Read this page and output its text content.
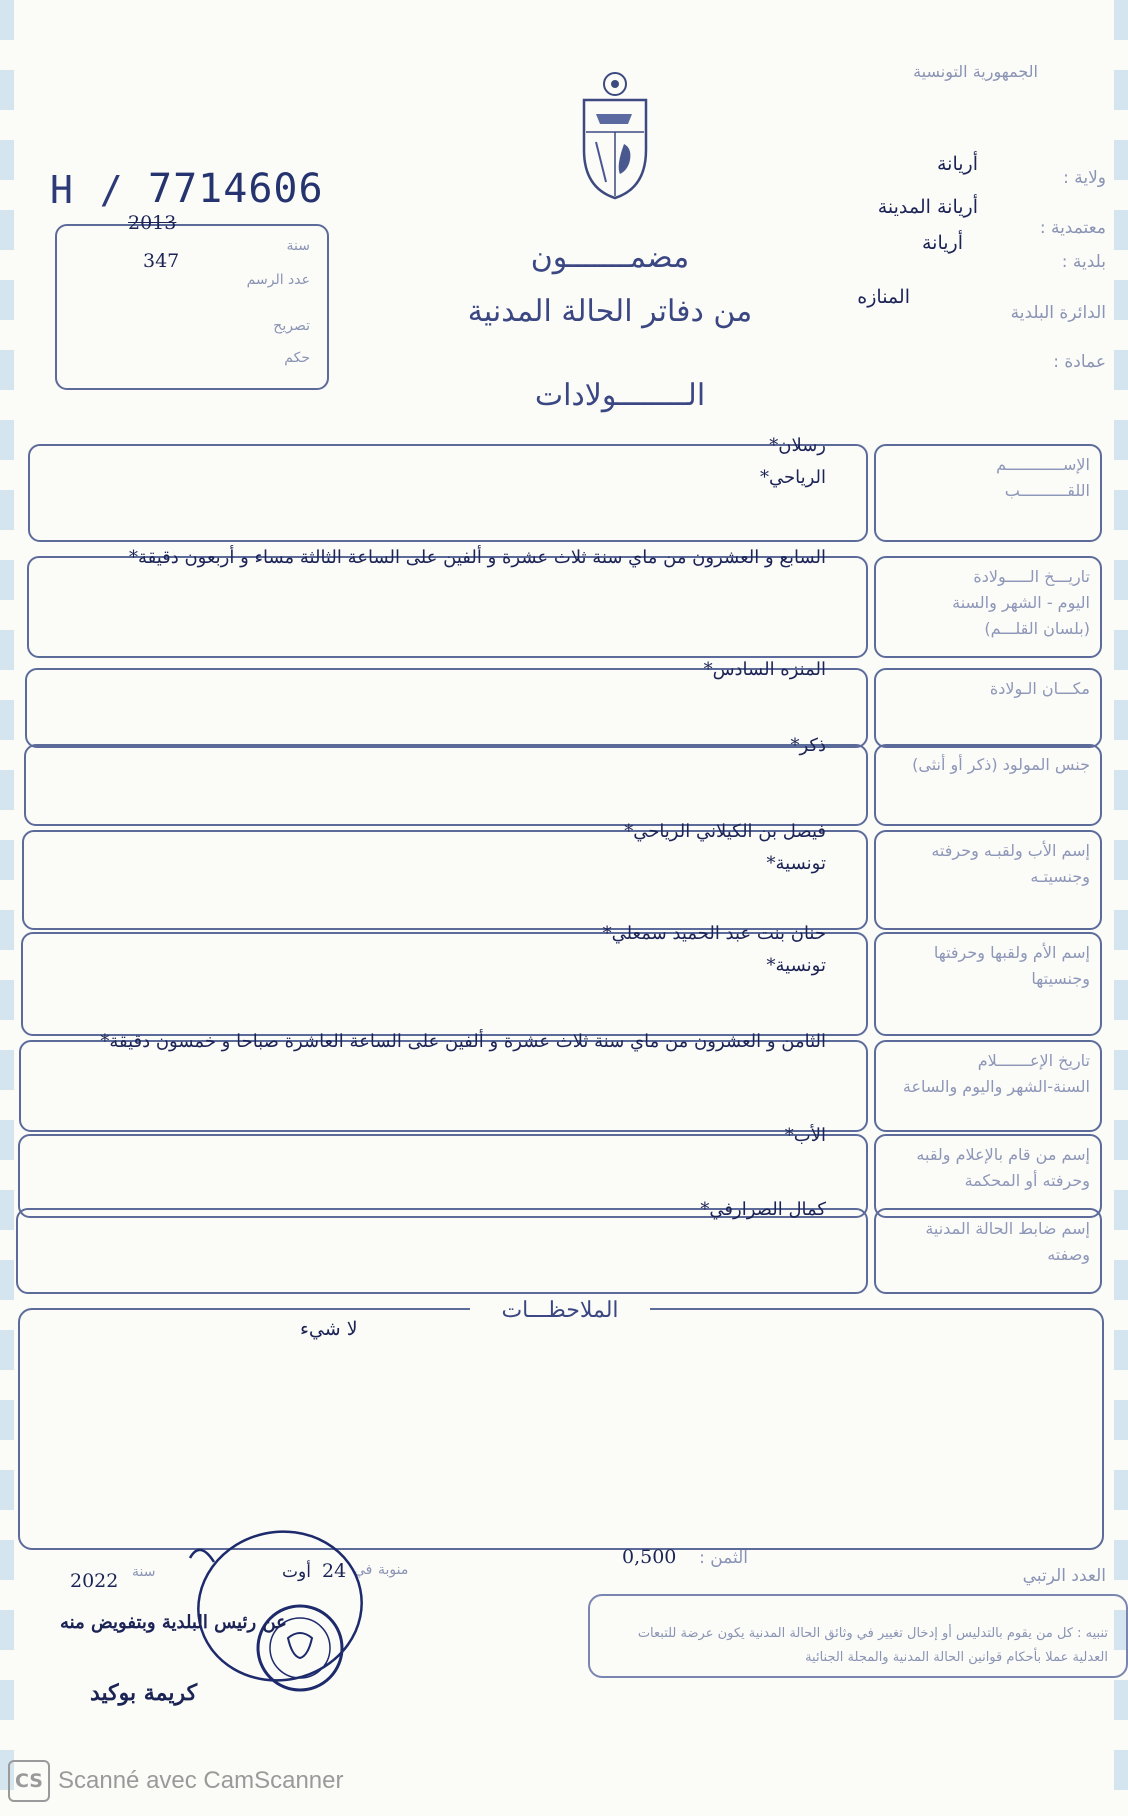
الجمهورية التونسية
ولاية :
أريانة
معتمدية :
أريانة المدينة
بلدية :
أريانة
الدائرة البلدية
المنازه
عمادة :
H / 7714606
2013
347
سنة
عدد الرسم
تصريح
حكم
مضمـــــــون
من دفاتر الحالة المدنية
الــــــــولادات
الإســــــــــــم
اللقــــــــــب
رسلان*
الرياحي*
تاريـــخ الـــــولادة
اليوم - الشهر والسنة
(بلسان القلـــم)
السابع و العشرون من ماي سنة ثلاث عشرة و ألفين على الساعة الثالثة مساء و أربعون دقيقة*
مكـــان الـولادة
المنزه السادس*
جنس المولود (ذكر أو أنثى)
ذكر*
إسم الأب ولقبـه وحرفته
وجنسيتـه
فيصل بن الكيلاني الرياحي*
تونسية*
إسم الأم ولقبها وحرفتها
وجنسيتها
حنان بنت عبد الحميد سمعلي*
تونسية*
تاريخ الإعـــــــلام
السنة-الشهر واليوم والساعة
الثامن و العشرون من ماي سنة ثلاث عشرة و ألفين على الساعة العاشرة صباحا و خمسون دقيقة*
إسم من قام بالإعلام ولقبه
وحرفته أو المحكمة
الأب*
إسم ضابط الحالة المدنية
وصفته
كمال الصرارفي*
الملاحظـــات
لا شيء
العدد الرتبي
الثمن :
0,500
منوبة
في
24
أوت
سنة
2022
تنبيه : كل من يقوم بالتدليس أو إدخال تغيير في وثائق الحالة المدنية يكون عرضة للتبعات العدلية عملا بأحكام قوانين الحالة المدنية والمجلة الجنائية
عن رئيس البلدية وبتفويض منه
كريمة بوكيد
CS Scanné avec CamScanner
